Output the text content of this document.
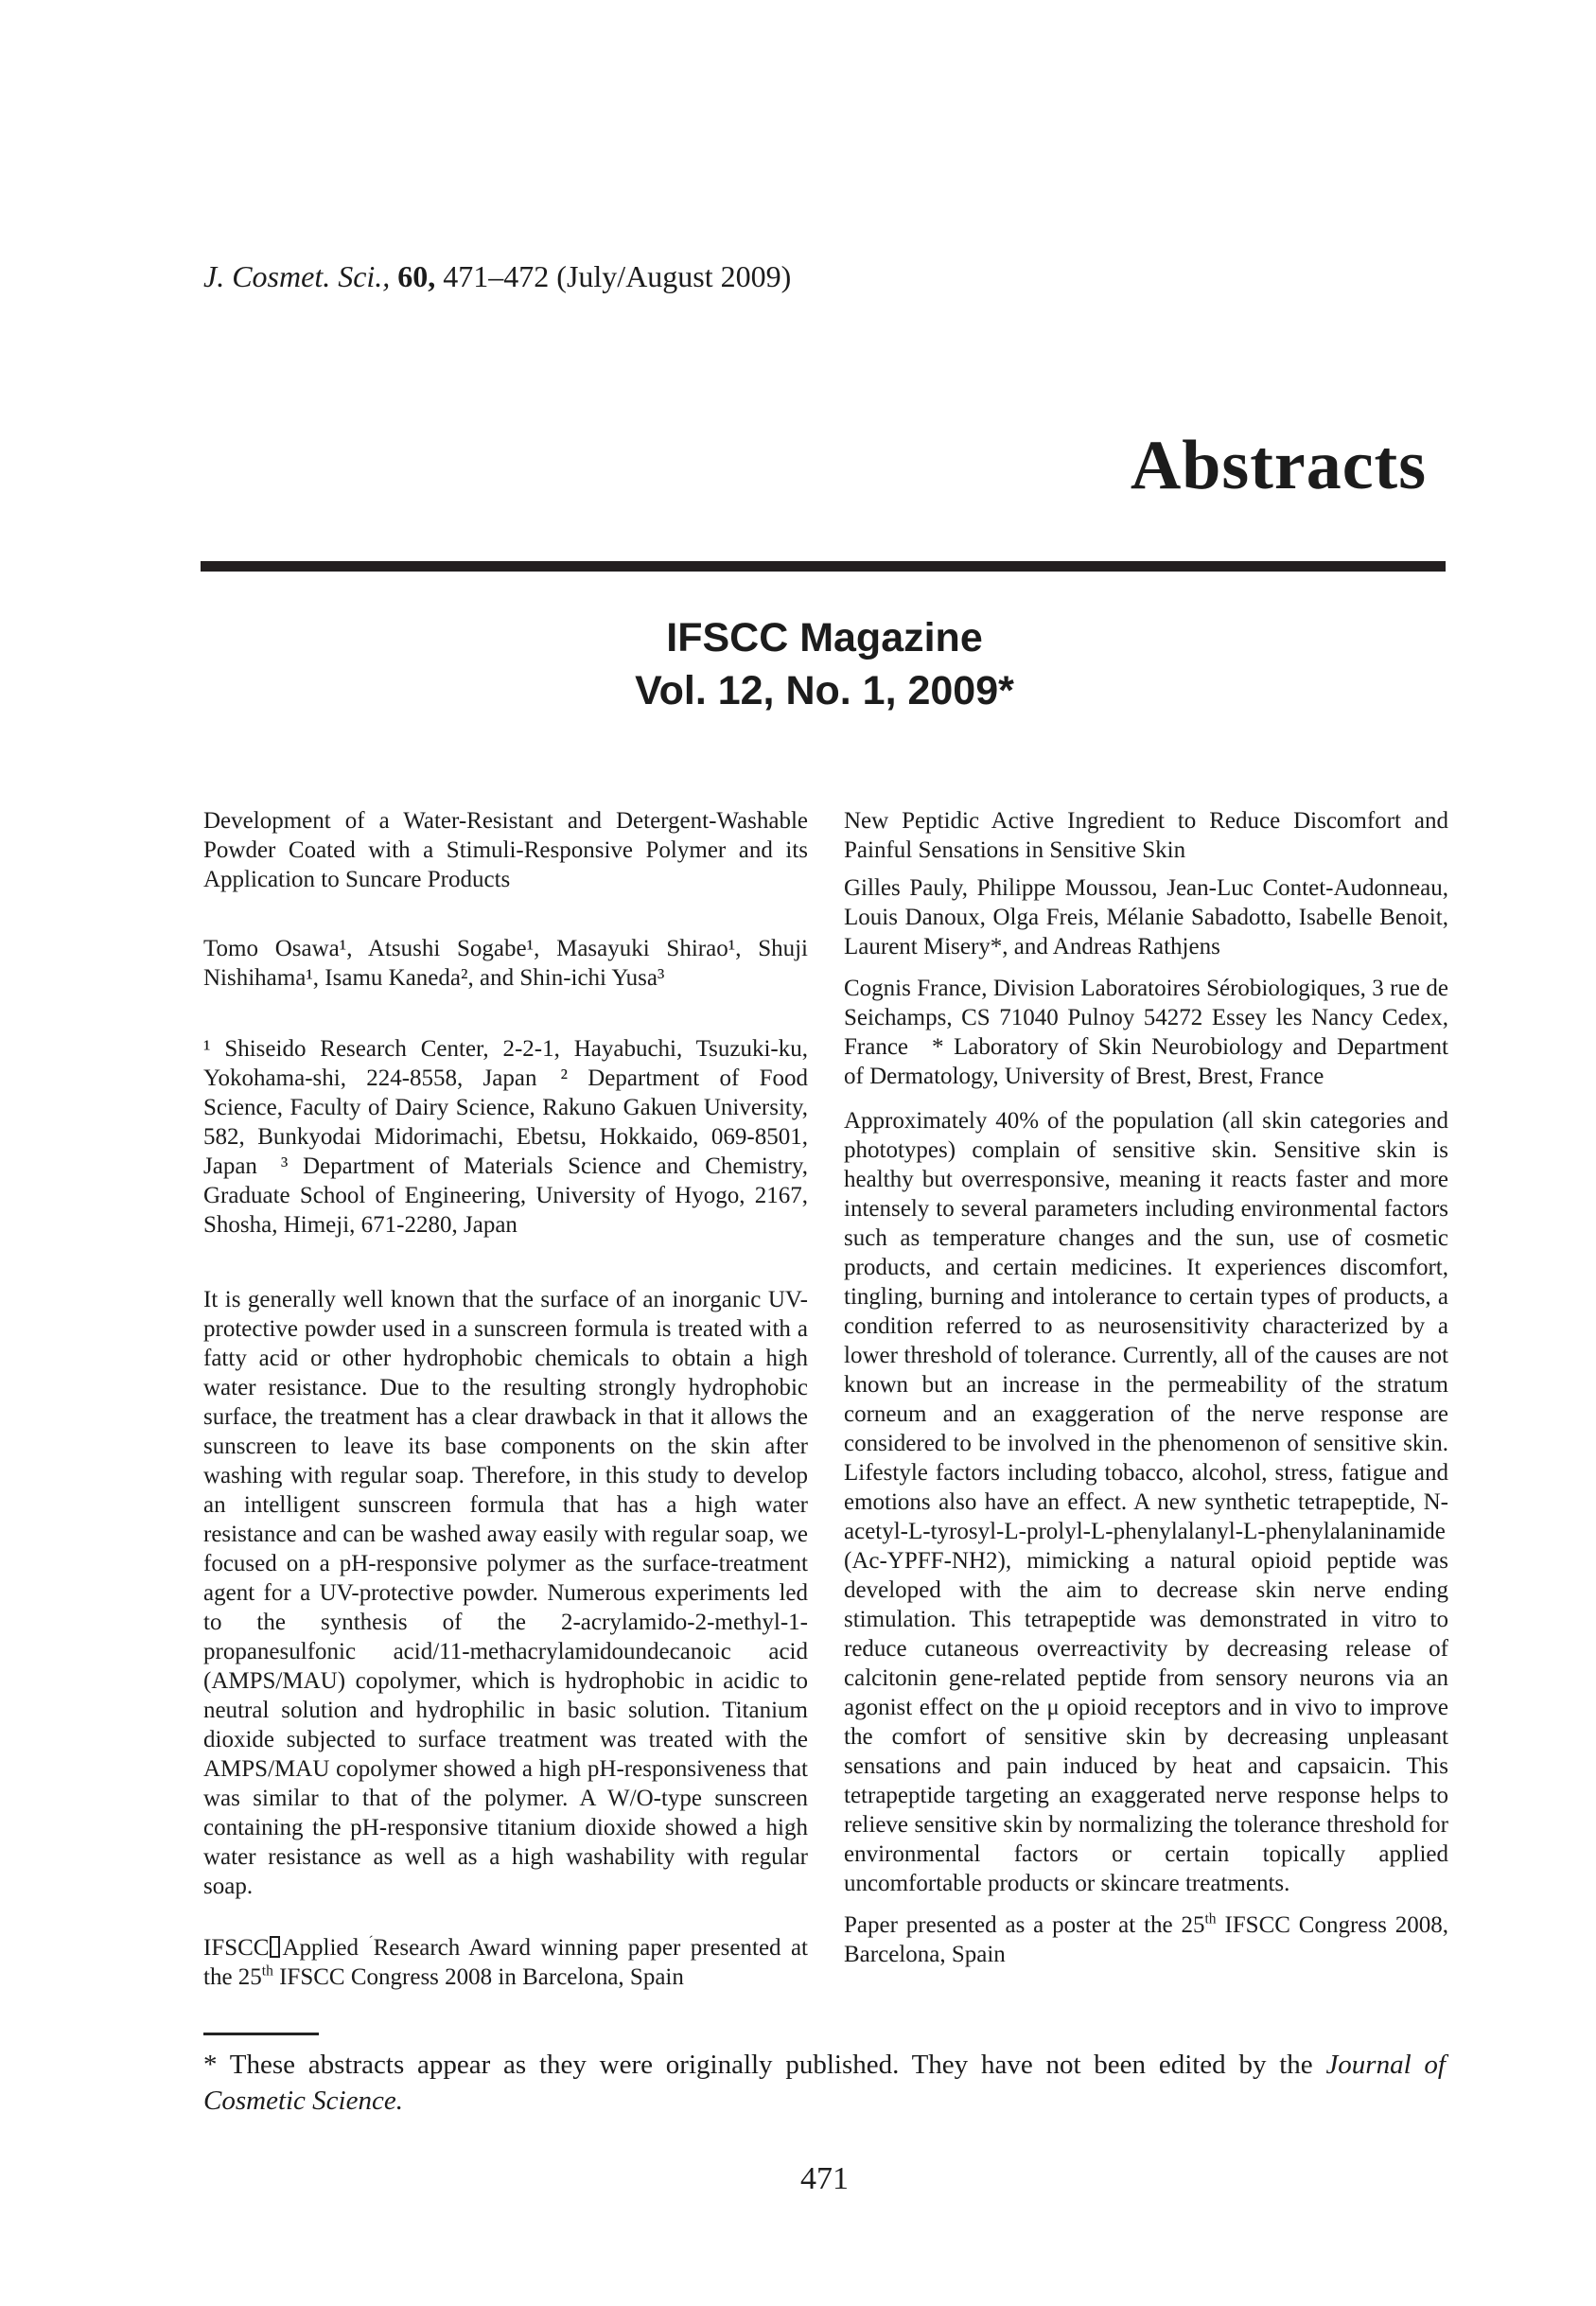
J. Cosmet. Sci., 60, 471–472 (July/August 2009)

Abstracts
IFSCC Magazine
Vol. 12, No. 1, 2009*

Development of a Water-Resistant and Detergent-Washable Powder Coated with a Stimuli-Responsive Polymer and its Application to Suncare Products

Tomo Osawa¹, Atsushi Sogabe¹, Masayuki Shirao¹, Shuji Nishihama¹, Isamu Kaneda², and Shin-ichi Yusa³

¹ Shiseido Research Center, 2-2-1, Hayabuchi, Tsuzuki-ku, Yokohama-shi, 224-8558, Japan ² Department of Food Science, Faculty of Dairy Science, Rakuno Gakuen University, 582, Bunkyodai Midorimachi, Ebetsu, Hokkaido, 069-8501, Japan ³ Department of Materials Science and Chemistry, Graduate School of Engineering, University of Hyogo, 2167, Shosha, Himeji, 671-2280, Japan

It is generally well known that the surface of an inorganic UV-protective powder used in a sunscreen formula is treated with a fatty acid or other hydrophobic chemicals to obtain a high water resistance. Due to the resulting strongly hydrophobic surface, the treatment has a clear drawback in that it allows the sunscreen to leave its base components on the skin after washing with regular soap. Therefore, in this study to develop an intelligent sunscreen formula that has a high water resistance and can be washed away easily with regular soap, we focused on a pH-responsive polymer as the surface-treatment agent for a UV-protective powder. Numerous experiments led to the synthesis of the 2-acrylamido-2-methyl-1-propanesulfonic acid/11-methacrylamidoundecanoic acid (AMPS/MAU) copolymer, which is hydrophobic in acidic to neutral solution and hydrophilic in basic solution. Titanium dioxide subjected to surface treatment was treated with the AMPS/MAU copolymer showed a high pH-responsiveness that was similar to that of the polymer. A W/O-type sunscreen containing the pH-responsive titanium dioxide showed a high water resistance as well as a high washability with regular soap.

IFSCC Applied ´Research Award winning paper presented at the 25th IFSCC Congress 2008 in Barcelona, Spain

New Peptidic Active Ingredient to Reduce Discomfort and Painful Sensations in Sensitive Skin

Gilles Pauly, Philippe Moussou, Jean-Luc Contet-Audonneau, Louis Danoux, Olga Freis, Mélanie Sabadotto, Isabelle Benoit, Laurent Misery*, and Andreas Rathjens

Cognis France, Division Laboratoires Sérobiologiques, 3 rue de Seichamps, CS 71040 Pulnoy 54272 Essey les Nancy Cedex, France * Laboratory of Skin Neurobiology and Department of Dermatology, University of Brest, Brest, France

Approximately 40% of the population (all skin categories and phototypes) complain of sensitive skin. Sensitive skin is healthy but overresponsive, meaning it reacts faster and more intensely to several parameters including environmental factors such as temperature changes and the sun, use of cosmetic products, and certain medicines. It experiences discomfort, tingling, burning and intolerance to certain types of products, a condition referred to as neurosensitivity characterized by a lower threshold of tolerance. Currently, all of the causes are not known but an increase in the permeability of the stratum corneum and an exaggeration of the nerve response are considered to be involved in the phenomenon of sensitive skin. Lifestyle factors including tobacco, alcohol, stress, fatigue and emotions also have an effect. A new synthetic tetrapeptide, N-acetyl-L-tyrosyl-L-prolyl-L-phenylalanyl-L-phenylalaninamide (Ac-YPFF-NH2), mimicking a natural opioid peptide was developed with the aim to decrease skin nerve ending stimulation. This tetrapeptide was demonstrated in vitro to reduce cutaneous overreactivity by decreasing release of calcitonin gene-related peptide from sensory neurons via an agonist effect on the μ opioid receptors and in vivo to improve the comfort of sensitive skin by decreasing unpleasant sensations and pain induced by heat and capsaicin. This tetrapeptide targeting an exaggerated nerve response helps to relieve sensitive skin by normalizing the tolerance threshold for environmental factors or certain topically applied uncomfortable products or skincare treatments.

Paper presented as a poster at the 25th IFSCC Congress 2008, Barcelona, Spain

* These abstracts appear as they were originally published. They have not been edited by the Journal of Cosmetic Science.

471
